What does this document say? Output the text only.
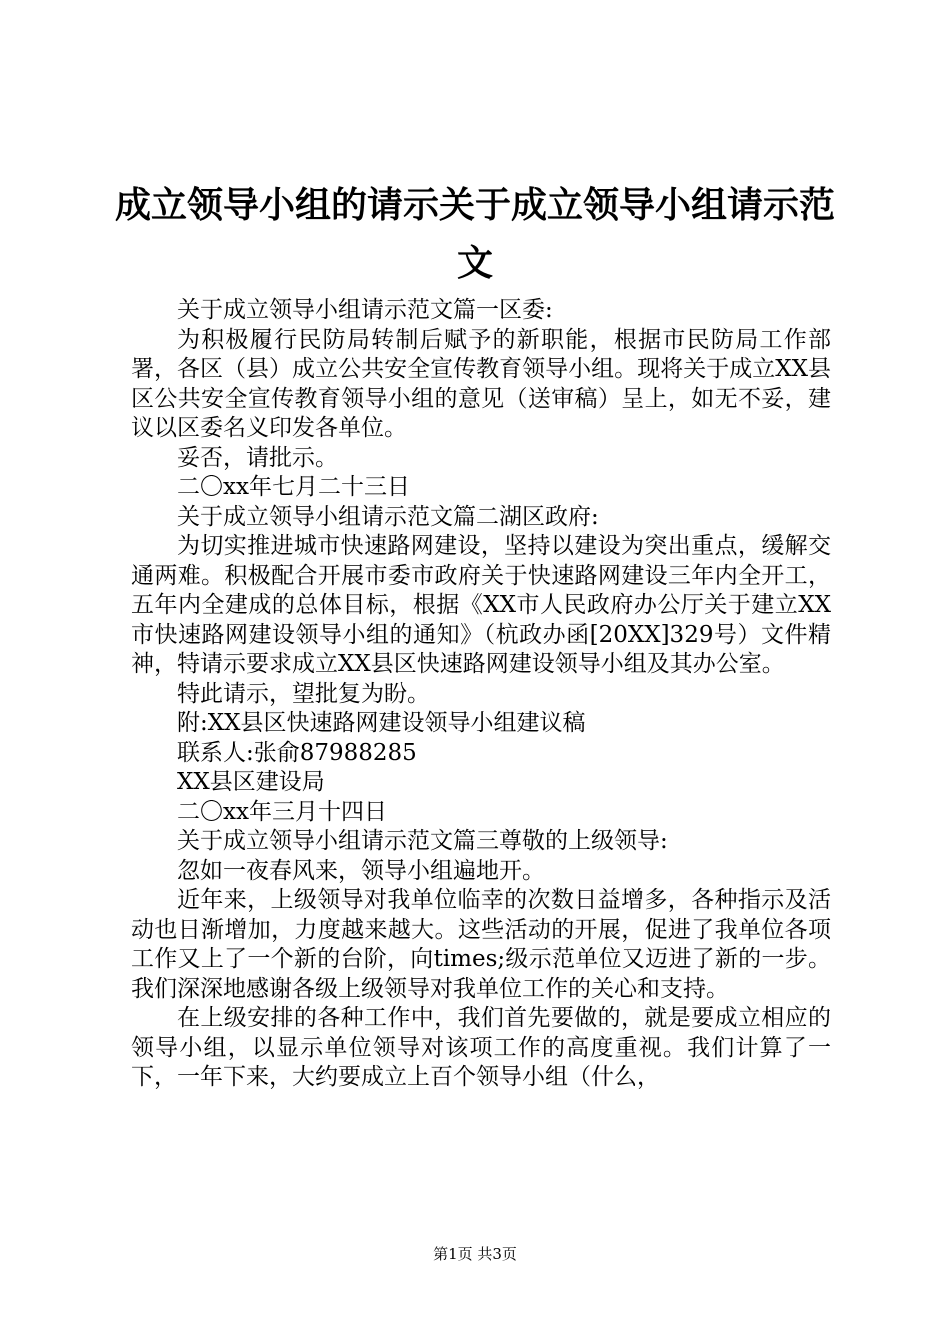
成立领导小组的请示关于成立领导小组请示范文

关于成立领导小组请示范文篇一区委:

为积极履行民防局转制后赋予的新职能，根据市民防局工作部署，各区（县）成立公共安全宣传教育领导小组。现将关于成立XX县区公共安全宣传教育领导小组的意见（送审稿）呈上，如无不妥，建议以区委名义印发各单位。

妥否，请批示。

二〇xx年七月二十三日

关于成立领导小组请示范文篇二湖区政府:

为切实推进城市快速路网建设，坚持以建设为突出重点，缓解交通两难。积极配合开展市委市政府关于快速路网建设三年内全开工，五年内全建成的总体目标，根据《XX市人民政府办公厅关于建立XX市快速路网建设领导小组的通知》（杭政办函[20XX]329号）文件精神，特请示要求成立XX县区快速路网建设领导小组及其办公室。

特此请示，望批复为盼。

附:XX县区快速路网建设领导小组建议稿

联系人:张俞87988285

XX县区建设局

二〇xx年三月十四日

关于成立领导小组请示范文篇三尊敬的上级领导:

忽如一夜春风来，领导小组遍地开。

近年来，上级领导对我单位临幸的次数日益增多，各种指示及活动也日渐增加，力度越来越大。这些活动的开展，促进了我单位各项工作又上了一个新的台阶，向times;级示范单位又迈进了新的一步。我们深深地感谢各级上级领导对我单位工作的关心和支持。

在上级安排的各种工作中，我们首先要做的，就是要成立相应的领导小组，以显示单位领导对该项工作的高度重视。我们计算了一下，一年下来，大约要成立上百个领导小组（什么，

第1页 共3页
